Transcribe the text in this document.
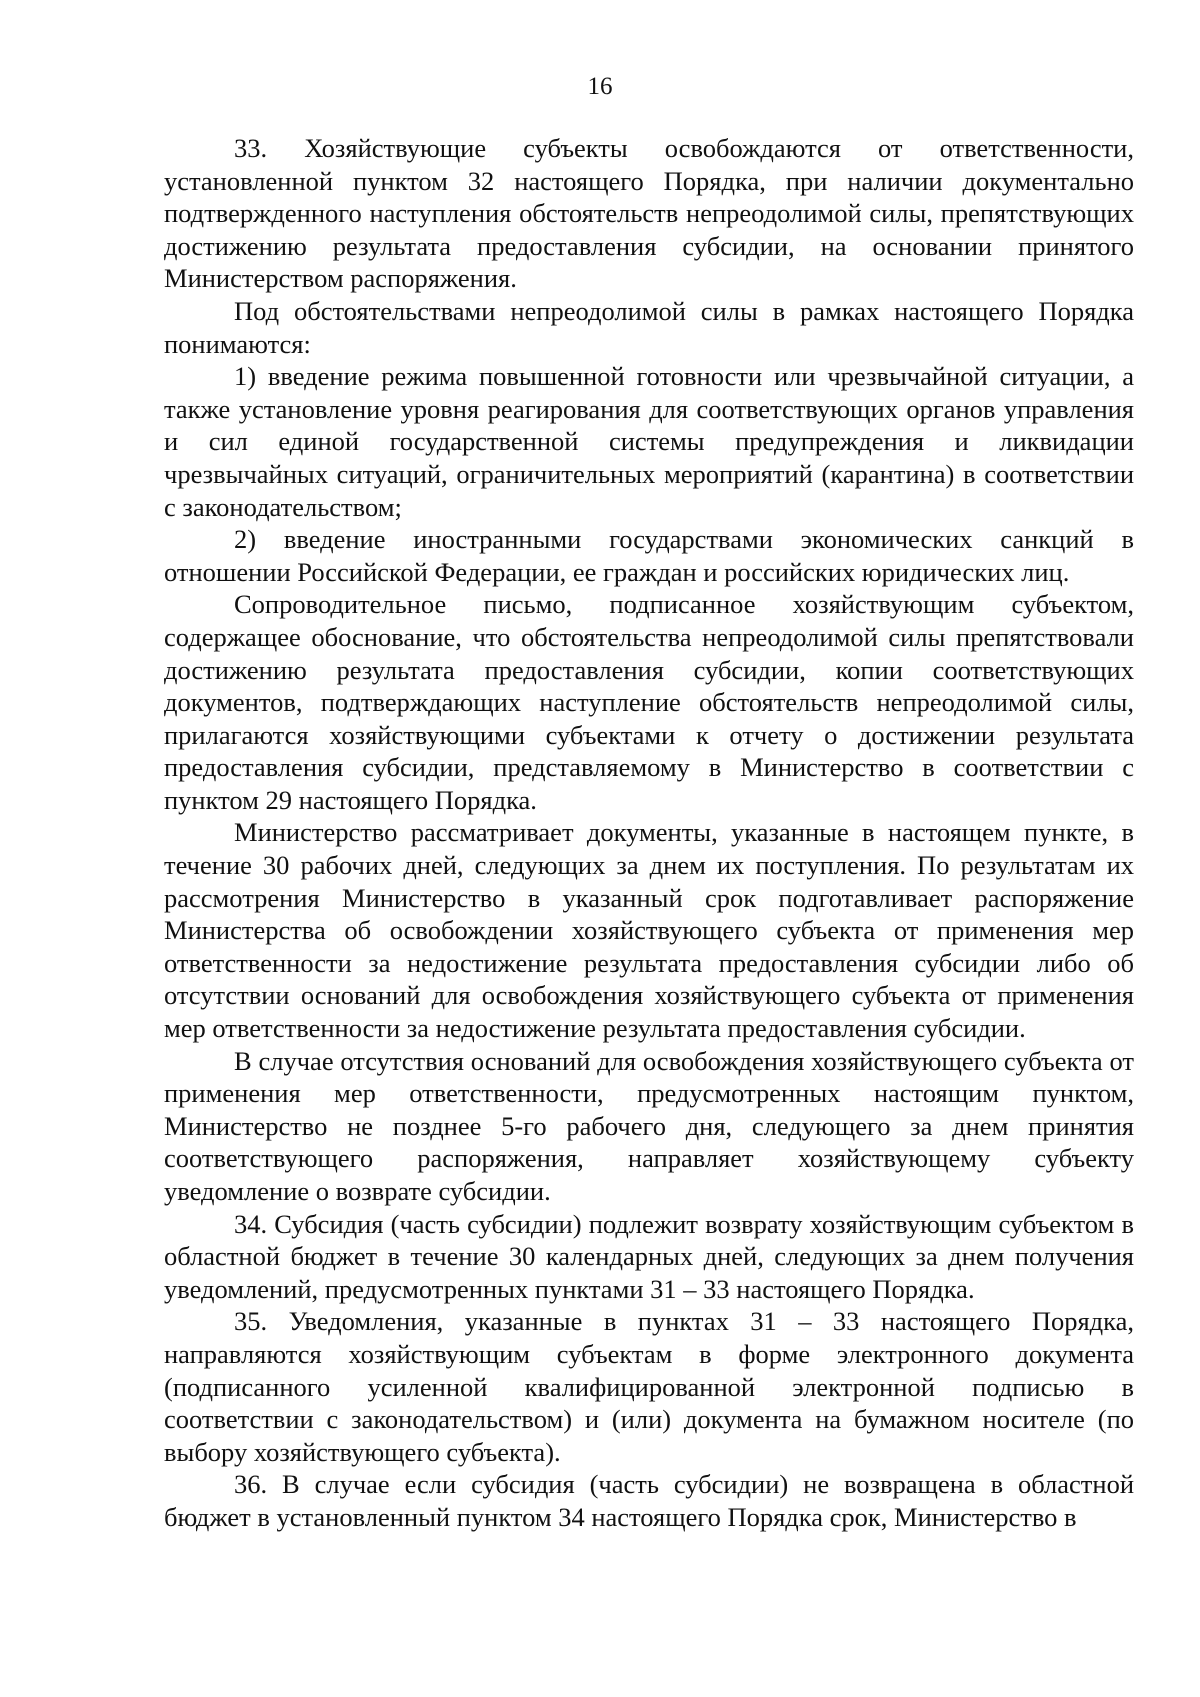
16

33. Хозяйствующие субъекты освобождаются от ответственности, установленной пунктом 32 настоящего Порядка, при наличии документально подтвержденного наступления обстоятельств непреодолимой силы, препятствующих достижению результата предоставления субсидии, на основании принятого Министерством распоряжения.

Под обстоятельствами непреодолимой силы в рамках настоящего Порядка понимаются:

1) введение режима повышенной готовности или чрезвычайной ситуации, а также установление уровня реагирования для соответствующих органов управления и сил единой государственной системы предупреждения и ликвидации чрезвычайных ситуаций, ограничительных мероприятий (карантина) в соответствии с законодательством;

2) введение иностранными государствами экономических санкций в отношении Российской Федерации, ее граждан и российских юридических лиц.

Сопроводительное письмо, подписанное хозяйствующим субъектом, содержащее обоснование, что обстоятельства непреодолимой силы препятствовали достижению результата предоставления субсидии, копии соответствующих документов, подтверждающих наступление обстоятельств непреодолимой силы, прилагаются хозяйствующими субъектами к отчету о достижении результата предоставления субсидии, представляемому в Министерство в соответствии с пунктом 29 настоящего Порядка.

Министерство рассматривает документы, указанные в настоящем пункте, в течение 30 рабочих дней, следующих за днем их поступления. По результатам их рассмотрения Министерство в указанный срок подготавливает распоряжение Министерства об освобождении хозяйствующего субъекта от применения мер ответственности за недостижение результата предоставления субсидии либо об отсутствии оснований для освобождения хозяйствующего субъекта от применения мер ответственности за недостижение результата предоставления субсидии.

В случае отсутствия оснований для освобождения хозяйствующего субъекта от применения мер ответственности, предусмотренных настоящим пунктом, Министерство не позднее 5-го рабочего дня, следующего за днем принятия соответствующего распоряжения, направляет хозяйствующему субъекту уведомление о возврате субсидии.

34. Субсидия (часть субсидии) подлежит возврату хозяйствующим субъектом в областной бюджет в течение 30 календарных дней, следующих за днем получения уведомлений, предусмотренных пунктами 31 – 33 настоящего Порядка.

35. Уведомления, указанные в пунктах 31 – 33 настоящего Порядка, направляются хозяйствующим субъектам в форме электронного документа (подписанного усиленной квалифицированной электронной подписью в соответствии с законодательством) и (или) документа на бумажном носителе (по выбору хозяйствующего субъекта).

36. В случае если субсидия (часть субсидии) не возвращена в областной бюджет в установленный пунктом 34 настоящего Порядка срок, Министерство в
